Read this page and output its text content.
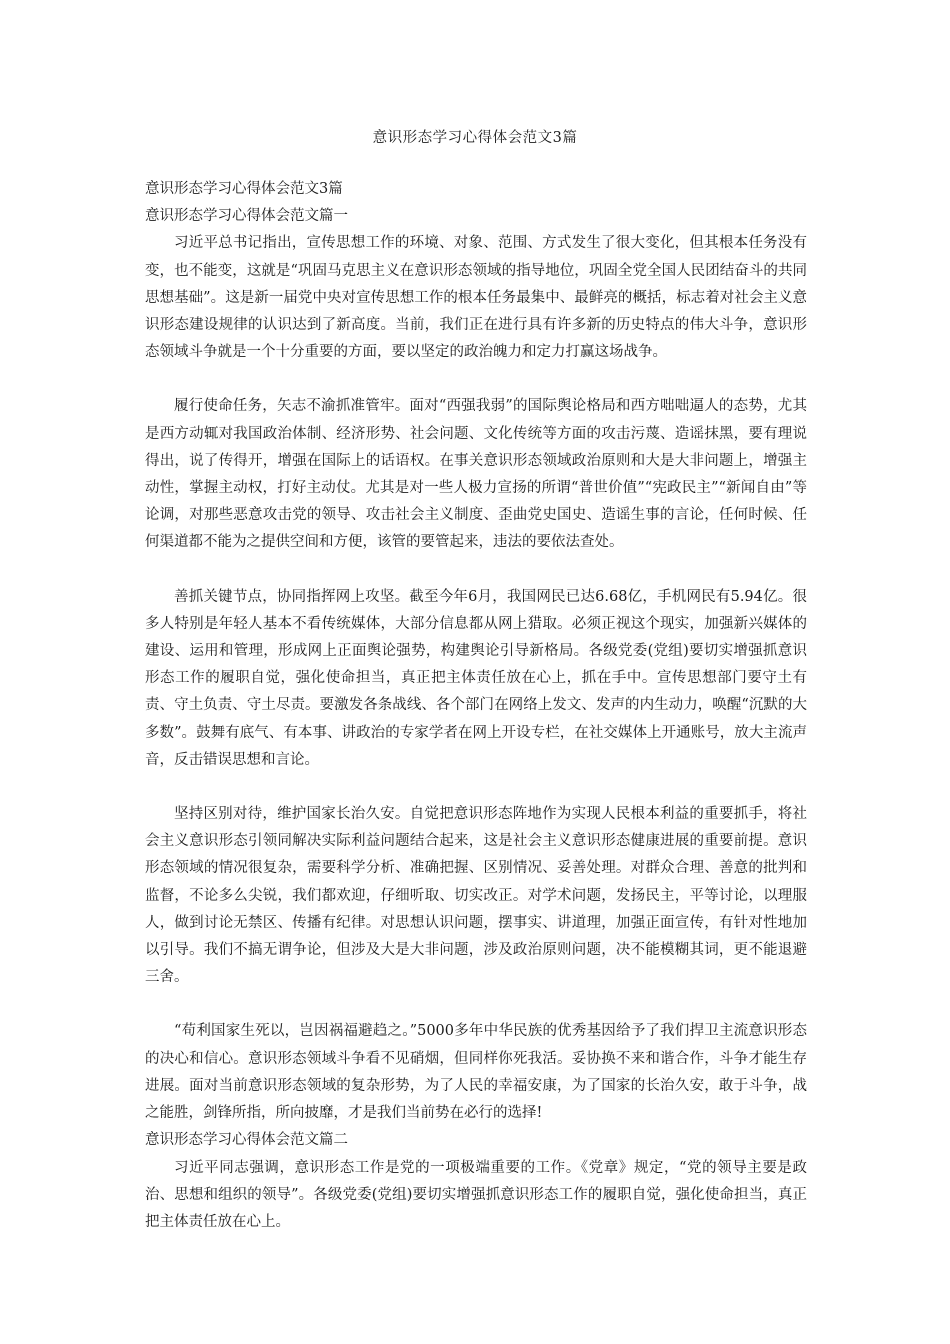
意识形态学习心得体会范文3篇

意识形态学习心得体会范文3篇

意识形态学习心得体会范文篇一

习近平总书记指出，宣传思想工作的环境、对象、范围、方式发生了很大变化，但其根本任务没有变，也不能变，这就是“巩固马克思主义在意识形态领域的指导地位，巩固全党全国人民团结奋斗的共同思想基础”。这是新一届党中央对宣传思想工作的根本任务最集中、最鲜亮的概括，标志着对社会主义意识形态建设规律的认识达到了新高度。当前，我们正在进行具有许多新的历史特点的伟大斗争，意识形态领域斗争就是一个十分重要的方面，要以坚定的政治魄力和定力打赢这场战争。

履行使命任务，矢志不渝抓准管牢。面对“西强我弱”的国际舆论格局和西方咄咄逼人的态势，尤其是西方动辄对我国政治体制、经济形势、社会问题、文化传统等方面的攻击污蔑、造谣抹黑，要有理说得出，说了传得开，增强在国际上的话语权。在事关意识形态领域政治原则和大是大非问题上，增强主动性，掌握主动权，打好主动仗。尤其是对一些人极力宣扬的所谓“普世价值”“宪政民主”“新闻自由”等论调，对那些恶意攻击党的领导、攻击社会主义制度、歪曲党史国史、造谣生事的言论，任何时候、任何渠道都不能为之提供空间和方便，该管的要管起来，违法的要依法查处。

善抓关键节点，协同指挥网上攻坚。截至今年6月，我国网民已达6.68亿，手机网民有5.94亿。很多人特别是年轻人基本不看传统媒体，大部分信息都从网上猎取。必须正视这个现实，加强新兴媒体的建设、运用和管理，形成网上正面舆论强势，构建舆论引导新格局。各级党委(党组)要切实增强抓意识形态工作的履职自觉，强化使命担当，真正把主体责任放在心上，抓在手中。宣传思想部门要守土有责、守土负责、守土尽责。要激发各条战线、各个部门在网络上发文、发声的内生动力，唤醒“沉默的大多数”。鼓舞有底气、有本事、讲政治的专家学者在网上开设专栏，在社交媒体上开通账号，放大主流声音，反击错误思想和言论。

坚持区别对待，维护国家长治久安。自觉把意识形态阵地作为实现人民根本利益的重要抓手，将社会主义意识形态引领同解决实际利益问题结合起来，这是社会主义意识形态健康进展的重要前提。意识形态领域的情况很复杂，需要科学分析、准确把握、区别情况、妥善处理。对群众合理、善意的批判和监督，不论多么尖锐，我们都欢迎，仔细听取、切实改正。对学术问题，发扬民主，平等讨论，以理服人，做到讨论无禁区、传播有纪律。对思想认识问题，摆事实、讲道理，加强正面宣传，有针对性地加以引导。我们不搞无谓争论，但涉及大是大非问题，涉及政治原则问题，决不能模糊其词，更不能退避三舍。

“苟利国家生死以，岂因祸福避趋之。”5000多年中华民族的优秀基因给予了我们捍卫主流意识形态的决心和信心。意识形态领域斗争看不见硝烟，但同样你死我活。妥协换不来和谐合作，斗争才能生存进展。面对当前意识形态领域的复杂形势，为了人民的幸福安康，为了国家的长治久安，敢于斗争，战之能胜，剑锋所指，所向披靡，才是我们当前势在必行的选择!

意识形态学习心得体会范文篇二

习近平同志强调，意识形态工作是党的一项极端重要的工作。《党章》规定，“党的领导主要是政治、思想和组织的领导”。各级党委(党组)要切实增强抓意识形态工作的履职自觉，强化使命担当，真正把主体责任放在心上。
